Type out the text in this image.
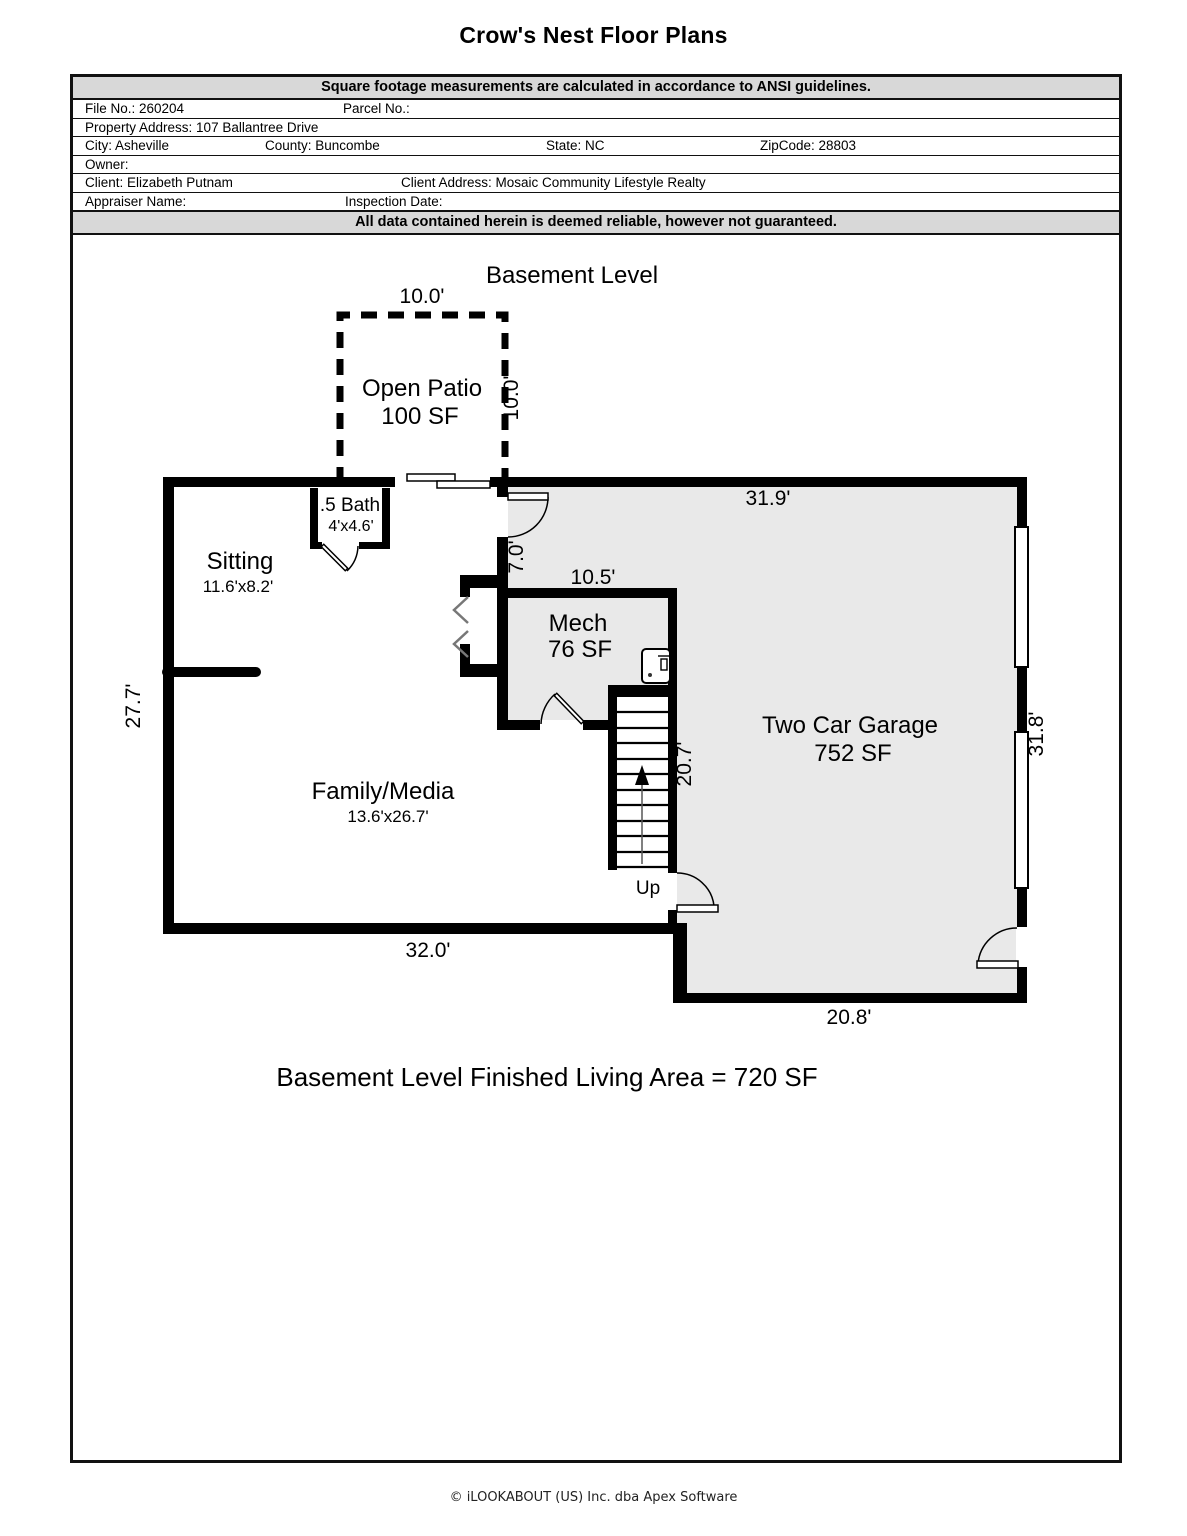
Crow's Nest Floor Plans
Square footage measurements are calculated in accordance to ANSI guidelines.
File No.: 260204	Parcel No.:
Property Address: 107 Ballantree Drive
City: Asheville	County: Buncombe	State: NC	ZipCode: 28803
Owner:
Client: Elizabeth Putnam	Client Address: Mosaic Community Lifestyle Realty
Appraiser Name:	Inspection Date:
All data contained herein is deemed reliable, however not guaranteed.
Basement Level
Open Patio
100 SF
.5 Bath
4'x4.6'
Sitting
11.6'x8.2'
Mech
76 SF
Family/Media
13.6'x26.7'
Two Car Garage
752 SF
Up
10.0'
10.0'
31.9'
7.0'
10.5'
27.7'
20.7'
31.8'
32.0'
20.8'
Basement Level Finished Living Area = 720 SF
© iLOOKABOUT (US) Inc. dba Apex Software
